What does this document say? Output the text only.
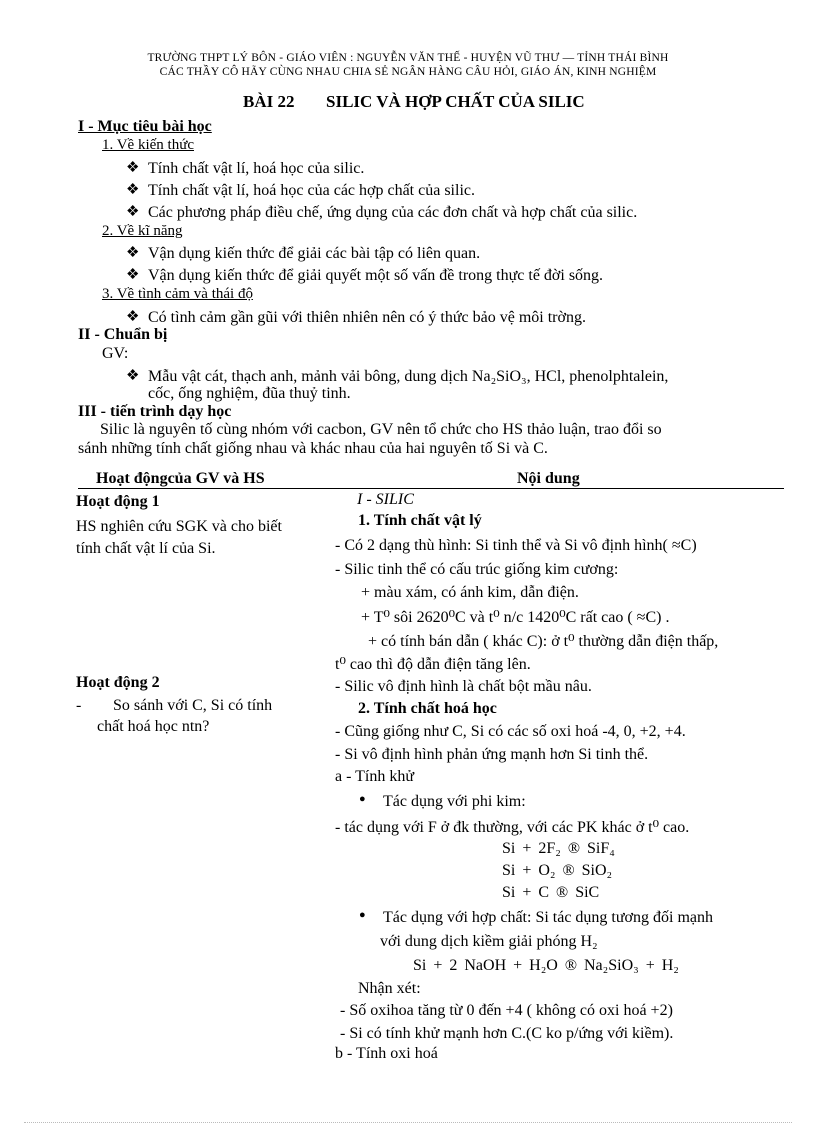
TRƯỜNG THPT LÝ BÔN - GIÁO VIÊN : NGUYỄN VĂN THẾ - HUYỆN VŨ THƯ — TỈNH THÁI BÌNH
CÁC THẦY CÔ HÃY CÙNG NHAU CHIA SẺ NGÂN HÀNG CÂU HỎI, GIÁO ÁN, KINH NGHIỆM
BÀI 22 SILIC VÀ HỢP CHẤT CỦA SILIC
I - Mục tiêu bài học
1. Về kiến thức
❖ Tính chất vật lí, hoá học của silic.
❖ Tính chất vật lí, hoá học của các hợp chất của silic.
❖ Các phương pháp điều chế, ứng dụng của các đơn chất và hợp chất của silic.
2. Về kĩ năng
❖ Vận dụng kiến thức để giải các bài tập có liên quan.
❖ Vận dụng kiến thức để giải quyết một số vấn đề trong thực tế đời sống.
3. Về tình cảm và thái độ
❖ Có tình cảm gần gũi với thiên nhiên nên có ý thức bảo vệ môi trờng.
II - Chuẩn bị
GV:
❖ Mẫu vật cát, thạch anh, mảnh vải bông, dung dịch Na₂SiO₃, HCl, phenolphtalein,
cốc, ống nghiệm, đũa thuỷ tinh.
III - tiến trình dạy học
Silic là nguyên tố cùng nhóm với cacbon, GV nên tổ chức cho HS thảo luận, trao đổi so
sánh những tính chất giống nhau và khác nhau của hai nguyên tố Si và C.
Hoạt độngcủa GV và HS	Nội dung
Hoạt động 1
HS nghiên cứu SGK và cho biết
tính chất vật lí của Si.
Hoạt động 2
- So sánh với C, Si có tính
chất hoá học ntn?
I - SILIC
1. Tính chất vật lý
- Có 2 dạng thù hình: Si tinh thể và Si vô định hình( ≈C)
- Silic tinh thể có cấu trúc giống kim cương:
+ màu xám, có ánh kim, dẫn điện.
+ T⁰ sôi 2620⁰C và t⁰ n/c 1420⁰C rất cao ( ≈C) .
+ có tính bán dẫn ( khác C): ở t⁰ thường dẫn điện thấp,
t⁰ cao thì độ dẫn điện tăng lên.
- Silic vô định hình là chất bột mầu nâu.
2. Tính chất hoá học
- Cũng giống như C, Si có các số oxi hoá -4, 0, +2, +4.
- Si vô định hình phản ứng mạnh hơn Si tinh thể.
a - Tính khử
● Tác dụng với phi kim:
- tác dụng với F ở đk thường, với các PK khác ở t⁰ cao.
Si + 2F₂ ® SiF₄
Si + O₂ ® SiO₂
Si + C ® SiC
● Tác dụng với hợp chất: Si tác dụng tương đối mạnh
với dung dịch kiềm giải phóng H₂
Si + 2 NaOH + H₂O ® Na₂SiO₃ + H₂
Nhận xét:
- Số oxihoa tăng từ 0 đến +4 ( không có oxi hoá +2)
- Si có tính khử mạnh hơn C.(C ko p/ứng với kiềm).
b - Tính oxi hoá
